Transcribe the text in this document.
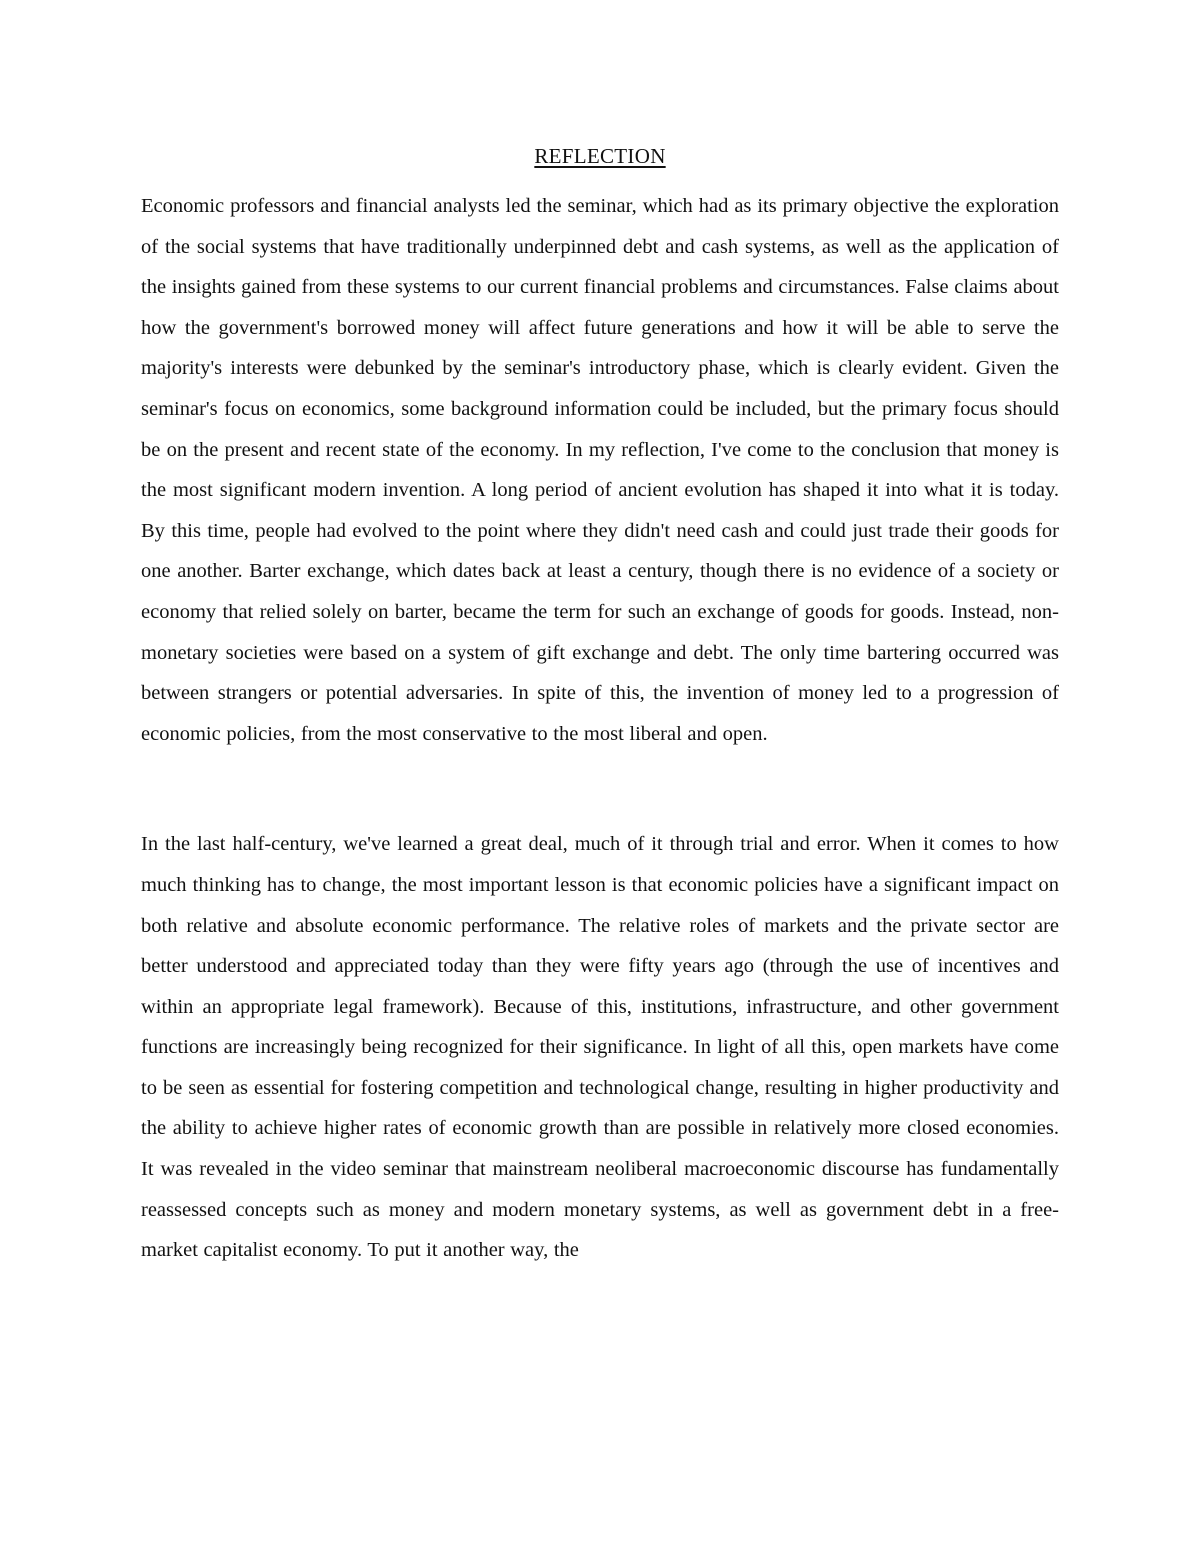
REFLECTION

Economic professors and financial analysts led the seminar, which had as its primary objective the exploration of the social systems that have traditionally underpinned debt and cash systems, as well as the application of the insights gained from these systems to our current financial problems and circumstances. False claims about how the government's borrowed money will affect future generations and how it will be able to serve the majority's interests were debunked by the seminar's introductory phase, which is clearly evident. Given the seminar's focus on economics, some background information could be included, but the primary focus should be on the present and recent state of the economy. In my reflection, I've come to the conclusion that money is the most significant modern invention. A long period of ancient evolution has shaped it into what it is today. By this time, people had evolved to the point where they didn't need cash and could just trade their goods for one another. Barter exchange, which dates back at least a century, though there is no evidence of a society or economy that relied solely on barter, became the term for such an exchange of goods for goods. Instead, non-monetary societies were based on a system of gift exchange and debt. The only time bartering occurred was between strangers or potential adversaries. In spite of this, the invention of money led to a progression of economic policies, from the most conservative to the most liberal and open.

In the last half-century, we've learned a great deal, much of it through trial and error. When it comes to how much thinking has to change, the most important lesson is that economic policies have a significant impact on both relative and absolute economic performance. The relative roles of markets and the private sector are better understood and appreciated today than they were fifty years ago (through the use of incentives and within an appropriate legal framework). Because of this, institutions, infrastructure, and other government functions are increasingly being recognized for their significance. In light of all this, open markets have come to be seen as essential for fostering competition and technological change, resulting in higher productivity and the ability to achieve higher rates of economic growth than are possible in relatively more closed economies. It was revealed in the video seminar that mainstream neoliberal macroeconomic discourse has fundamentally reassessed concepts such as money and modern monetary systems, as well as government debt in a free-market capitalist economy. To put it another way, the
